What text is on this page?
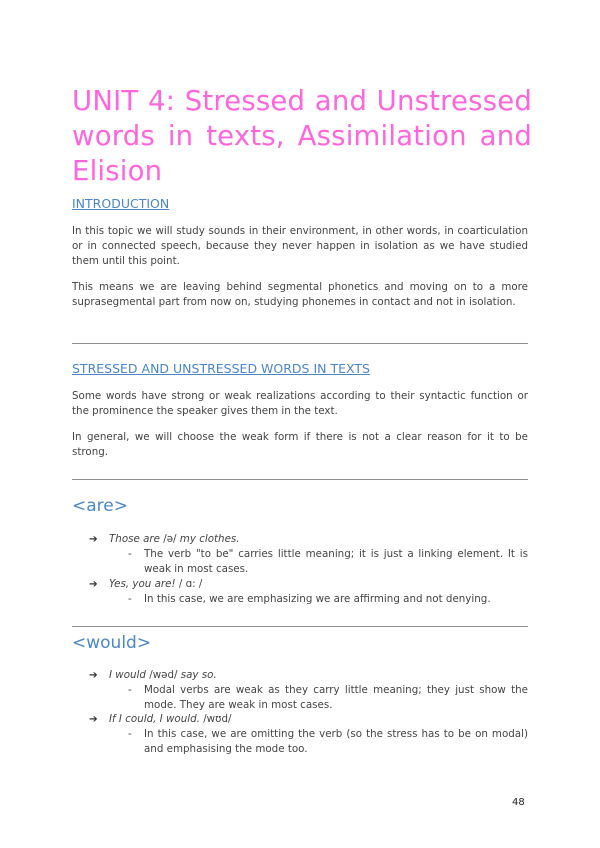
UNIT 4: Stressed and Unstressed
words in texts, Assimilation and
Elision
INTRODUCTION

In this topic we will study sounds in their environment, in other words, in coarticulation or in connected speech, because they never happen in isolation as we have studied them until this point.

This means we are leaving behind segmental phonetics and moving on to a more suprasegmental part from now on, studying phonemes in contact and not in isolation.

STRESSED AND UNSTRESSED WORDS IN TEXTS

Some words have strong or weak realizations according to their syntactic function or the prominence the speaker gives them in the text.

In general, we will choose the weak form if there is not a clear reason for it to be strong.

<are>
➔ Those are /ə/ my clothes.
- The verb "to be" carries little meaning; it is just a linking element. It is weak in most cases.
➔ Yes, you are! / ɑ: /
- In this case, we are emphasizing we are affirming and not denying.
<would>
➔ I would /wəd/ say so.
- Modal verbs are weak as they carry little meaning; they just show the mode. They are weak in most cases.
➔ If I could, I would. /wʊd/
- In this case, we are omitting the verb (so the stress has to be on modal) and emphasising the mode too.
48
